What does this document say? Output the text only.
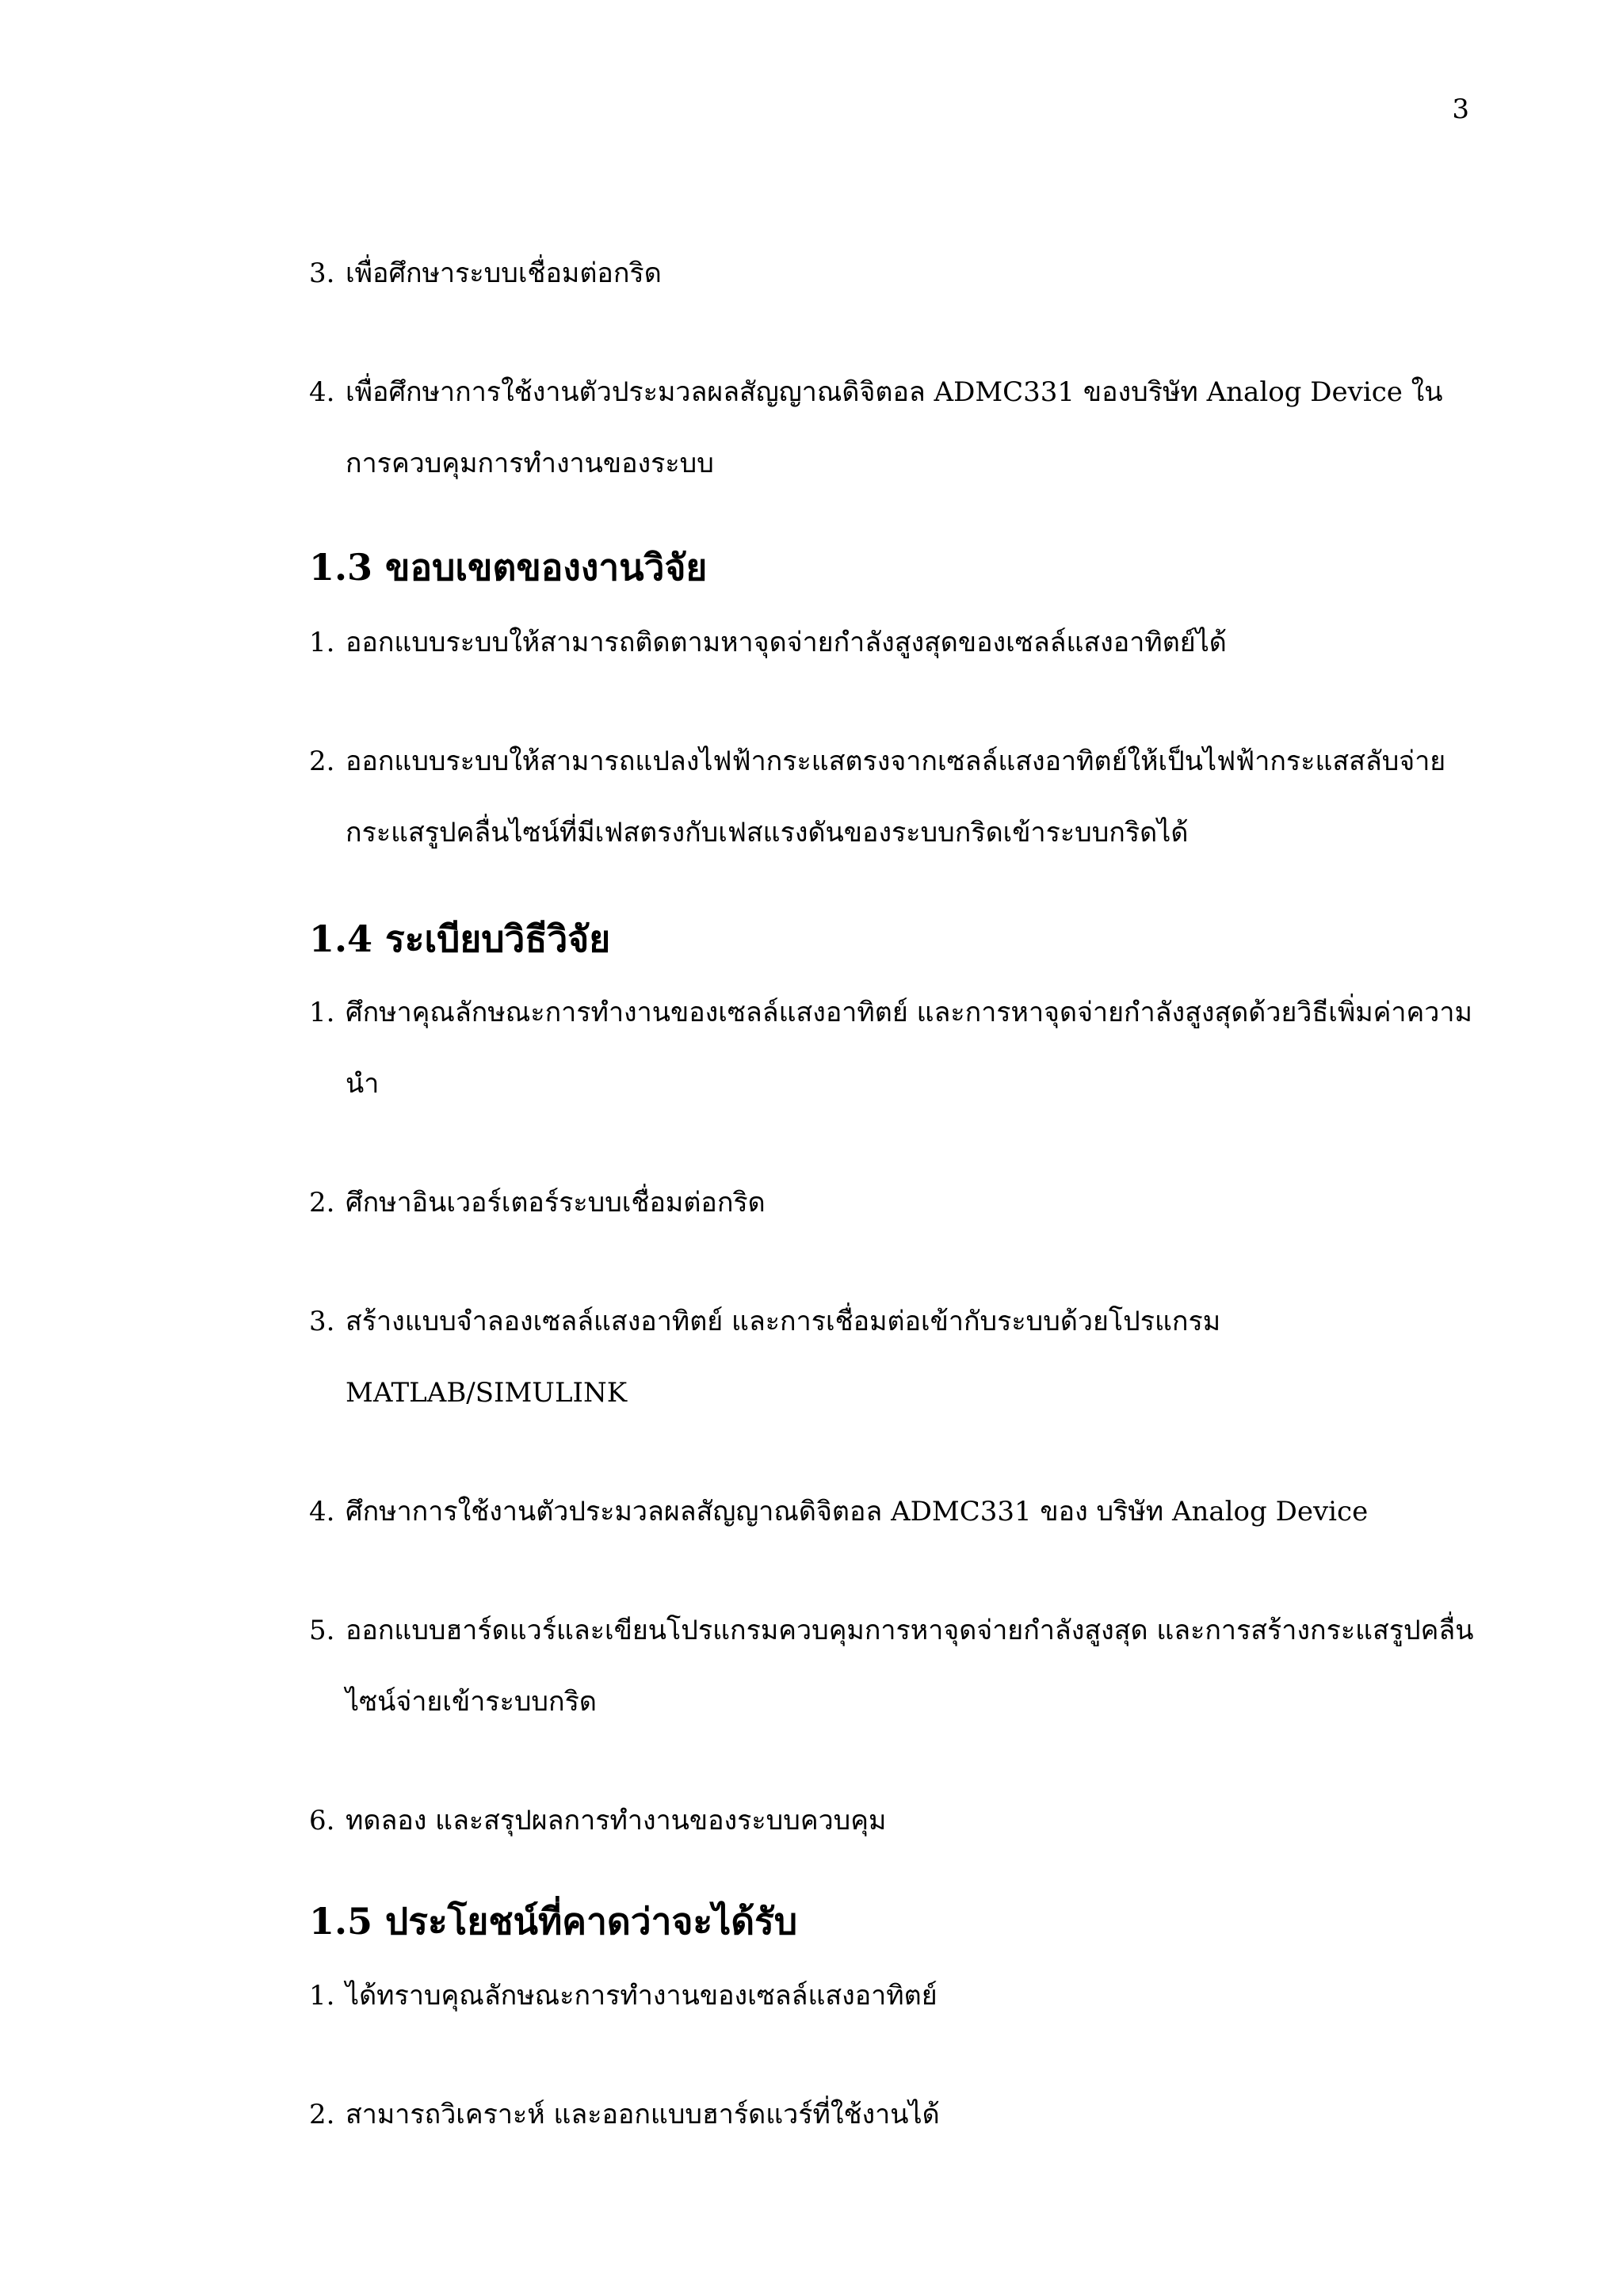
3
3. เพื่อศึกษาระบบเชื่อมต่อกริด
4. เพื่อศึกษาการใช้งานตัวประมวลผลสัญญาณดิจิตอล ADMC331 ของบริษัท Analog Device ในการควบคุมการทำงานของระบบ
1.3 ขอบเขตของงานวิจัย
1. ออกแบบระบบให้สามารถติดตามหาจุดจ่ายกำลังสูงสุดของเซลล์แสงอาทิตย์ได้
2. ออกแบบระบบให้สามารถแปลงไฟฟ้ากระแสตรงจากเซลล์แสงอาทิตย์ให้เป็นไฟฟ้ากระแสสลับจ่ายกระแสรูปคลื่นไซน์ที่มีเฟสตรงกับเฟสแรงดันของระบบกริดเข้าระบบกริดได้
1.4 ระเบียบวิธีวิจัย
1. ศึกษาคุณลักษณะการทำงานของเซลล์แสงอาทิตย์ และการหาจุดจ่ายกำลังสูงสุดด้วยวิธีเพิ่มค่าความนำ
2. ศึกษาอินเวอร์เตอร์ระบบเชื่อมต่อกริด
3. สร้างแบบจำลองเซลล์แสงอาทิตย์ และการเชื่อมต่อเข้ากับระบบด้วยโปรแกรม MATLAB/SIMULINK
4. ศึกษาการใช้งานตัวประมวลผลสัญญาณดิจิตอล ADMC331 ของ บริษัท Analog Device
5. ออกแบบฮาร์ดแวร์และเขียนโปรแกรมควบคุมการหาจุดจ่ายกำลังสูงสุด และการสร้างกระแสรูปคลื่นไซน์จ่ายเข้าระบบกริด
6. ทดลอง และสรุปผลการทำงานของระบบควบคุม
1.5 ประโยชน์ที่คาดว่าจะได้รับ
1. ได้ทราบคุณลักษณะการทำงานของเซลล์แสงอาทิตย์
2. สามารถวิเคราะห์ และออกแบบฮาร์ดแวร์ที่ใช้งานได้
